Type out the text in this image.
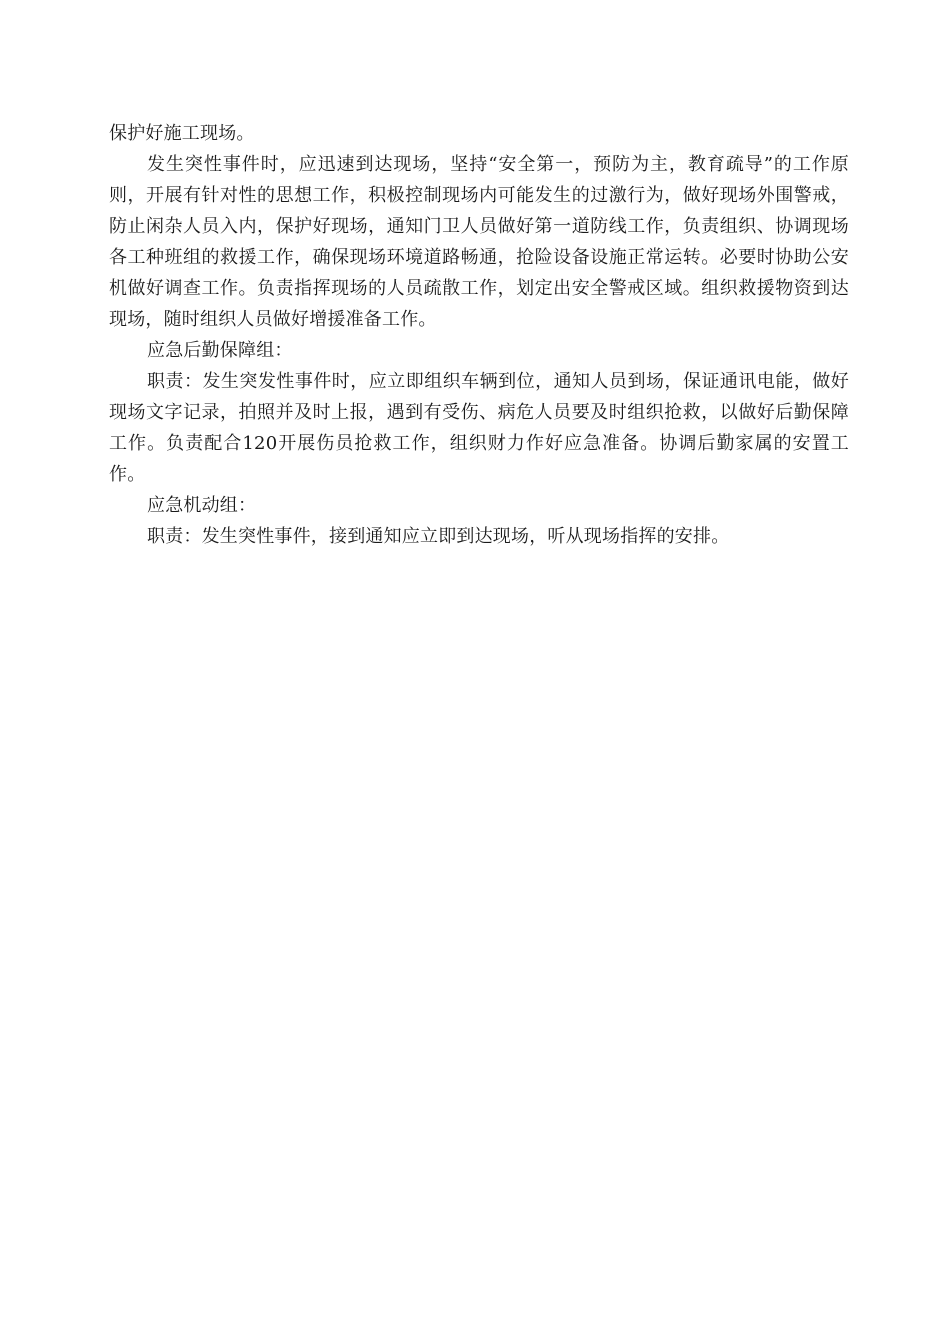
保护好施工现场。

发生突性事件时，应迅速到达现场，坚持“安全第一，预防为主，教育疏导”的工作原则，开展有针对性的思想工作，积极控制现场内可能发生的过激行为，做好现场外围警戒，防止闲杂人员入内，保护好现场，通知门卫人员做好第一道防线工作，负责组织、协调现场各工种班组的救援工作，确保现场环境道路畅通，抢险设备设施正常运转。必要时协助公安机做好调查工作。负责指挥现场的人员疏散工作，划定出安全警戒区域。组织救援物资到达现场，随时组织人员做好增援准备工作。

应急后勤保障组：

职责：发生突发性事件时，应立即组织车辆到位，通知人员到场，保证通讯电能，做好现场文字记录，拍照并及时上报，遇到有受伤、病危人员要及时组织抢救，以做好后勤保障工作。负责配合120开展伤员抢救工作，组织财力作好应急准备。协调后勤家属的安置工作。

应急机动组：

职责：发生突性事件，接到通知应立即到达现场，听从现场指挥的安排。
